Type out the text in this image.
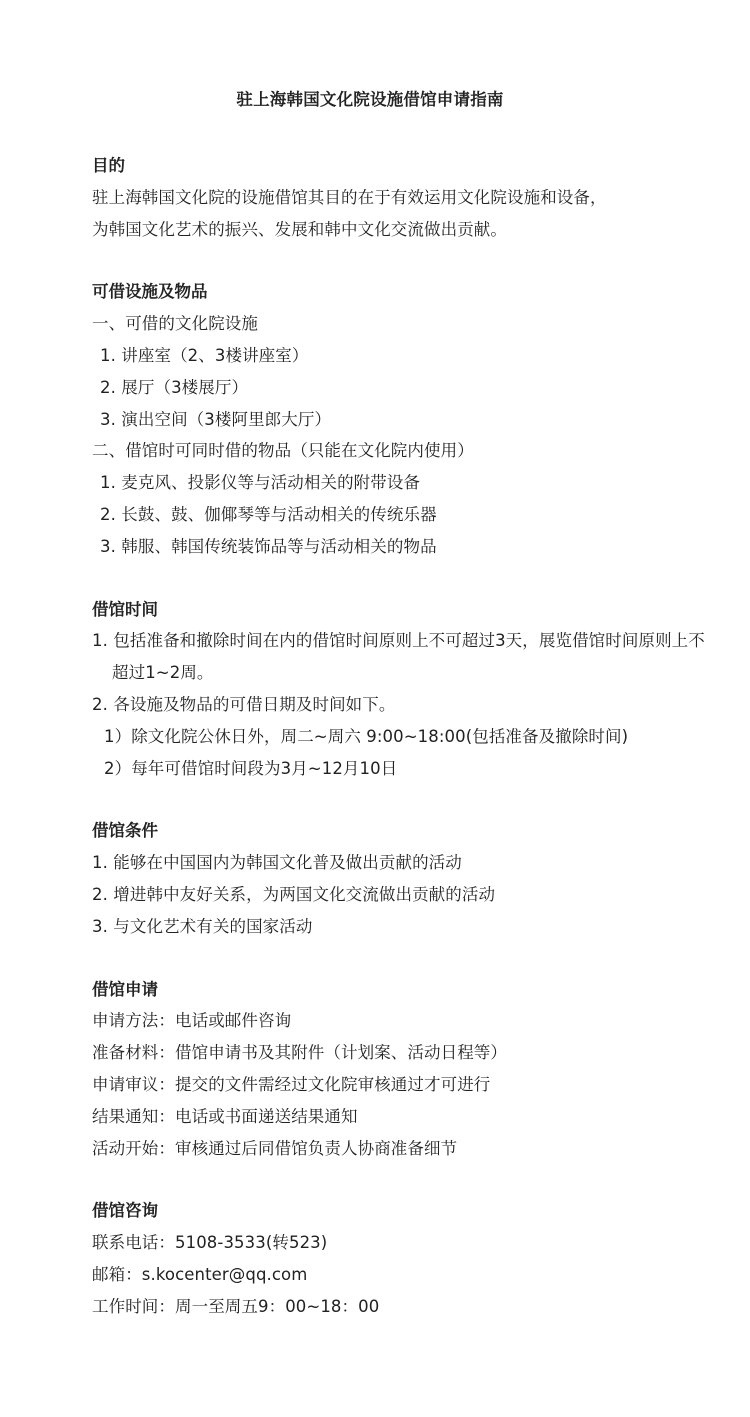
驻上海韩国文化院设施借馆申请指南

目的

驻上海韩国文化院的设施借馆其目的在于有效运用文化院设施和设备，

为韩国文化艺术的振兴、发展和韩中文化交流做出贡献。

可借设施及物品

一、可借的文化院设施

1. 讲座室（2、3楼讲座室）

2. 展厅（3楼展厅）

3. 演出空间（3楼阿里郎大厅）

二、借馆时可同时借的物品（只能在文化院内使用）

1. 麦克风、投影仪等与活动相关的附带设备

2. 长鼓、鼓、伽倻琴等与活动相关的传统乐器

3. 韩服、韩国传统装饰品等与活动相关的物品

借馆时间

1. 包括准备和撤除时间在内的借馆时间原则上不可超过3天，展览借馆时间原则上不超过1~2周。

2. 各设施及物品的可借日期及时间如下。

1）除文化院公休日外，周二~周六 9:00~18:00(包括准备及撤除时间)

2）每年可借馆时间段为3月~12月10日

借馆条件

1. 能够在中国国内为韩国文化普及做出贡献的活动

2. 增进韩中友好关系，为两国文化交流做出贡献的活动

3. 与文化艺术有关的国家活动

借馆申请

申请方法：电话或邮件咨询

准备材料：借馆申请书及其附件（计划案、活动日程等）

申请审议：提交的文件需经过文化院审核通过才可进行

结果通知：电话或书面递送结果通知

活动开始：审核通过后同借馆负责人协商准备细节

借馆咨询

联系电话：5108-3533(转523)

邮箱：s.kocenter@qq.com

工作时间：周一至周五9：00~18：00
